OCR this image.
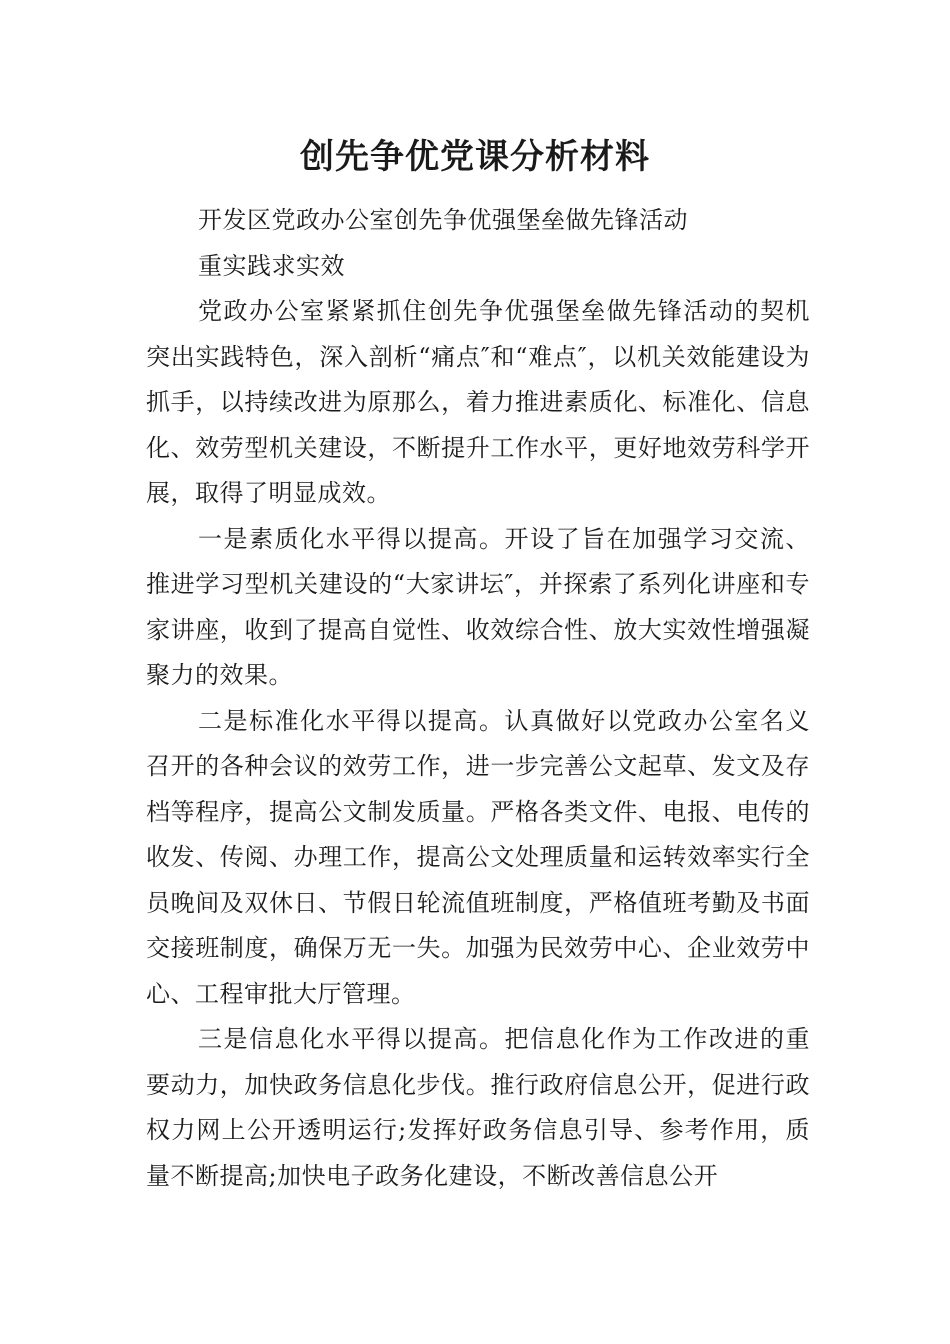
创先争优党课分析材料

开发区党政办公室创先争优强堡垒做先锋活动

重实践求实效

党政办公室紧紧抓住创先争优强堡垒做先锋活动的契机突出实践特色，深入剖析“痛点″和“难点″，以机关效能建设为抓手，以持续改进为原那么，着力推进素质化、标准化、信息化、效劳型机关建设，不断提升工作水平，更好地效劳科学开展，取得了明显成效。

一是素质化水平得以提高。开设了旨在加强学习交流、推进学习型机关建设的“大家讲坛″，并探索了系列化讲座和专家讲座，收到了提高自觉性、收效综合性、放大实效性增强凝聚力的效果。

二是标准化水平得以提高。认真做好以党政办公室名义召开的各种会议的效劳工作，进一步完善公文起草、发文及存档等程序，提高公文制发质量。严格各类文件、电报、电传的收发、传阅、办理工作，提高公文处理质量和运转效率实行全员晚间及双休日、节假日轮流值班制度，严格值班考勤及书面交接班制度，确保万无一失。加强为民效劳中心、企业效劳中心、工程审批大厅管理。

三是信息化水平得以提高。把信息化作为工作改进的重要动力，加快政务信息化步伐。推行政府信息公开，促进行政权力网上公开透明运行;发挥好政务信息引导、参考作用，质量不断提高;加快电子政务化建设，不断改善信息公开
